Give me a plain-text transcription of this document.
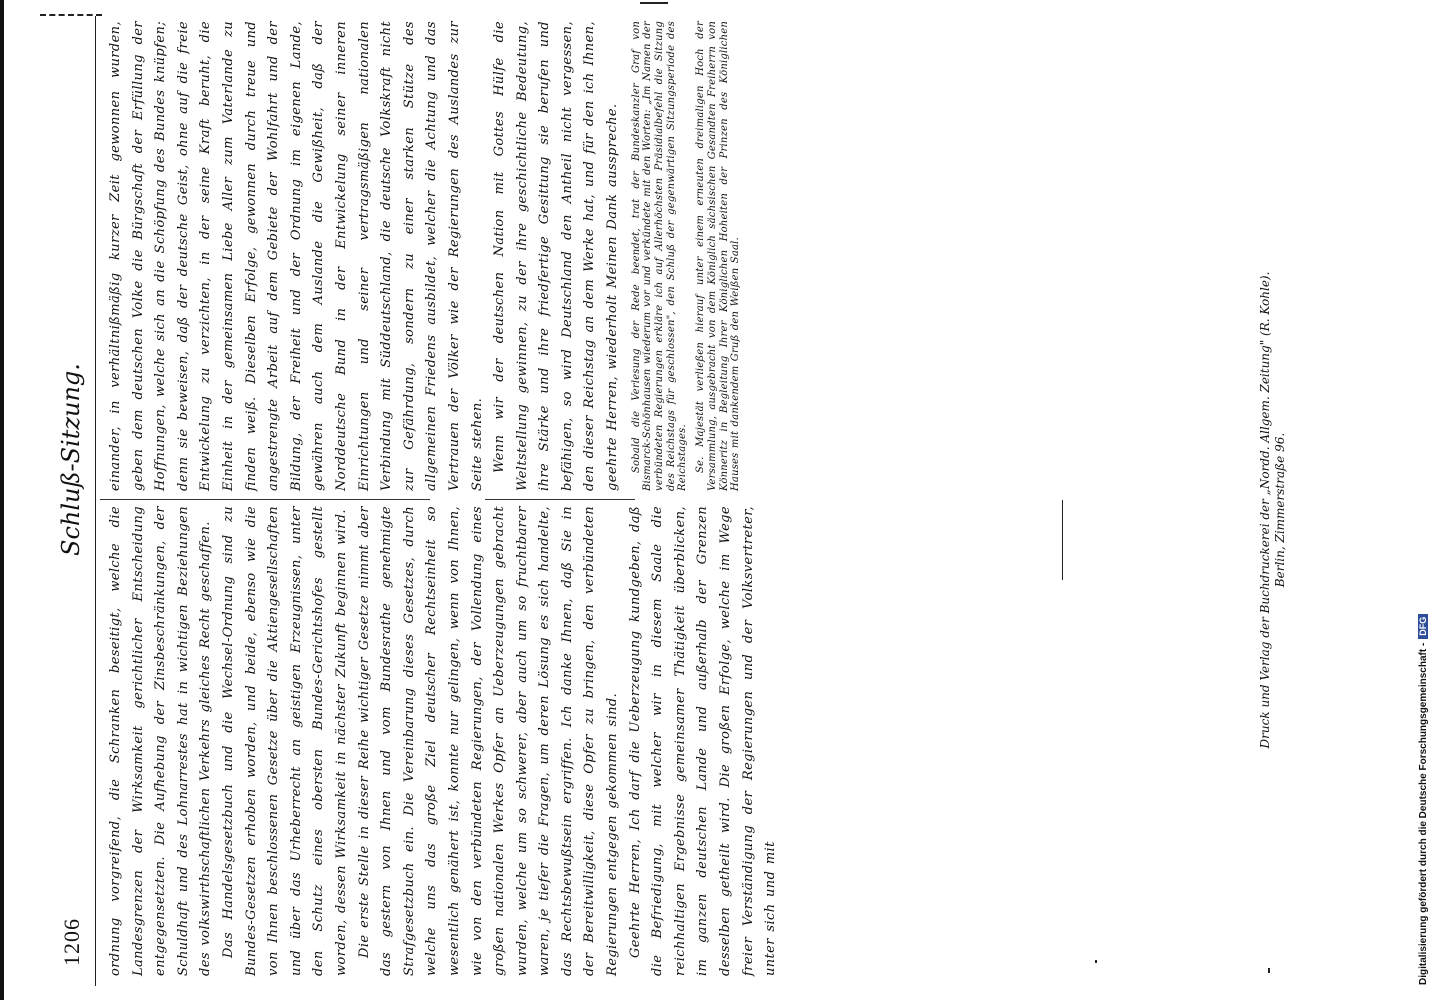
1206
Schluß-Sitzung.

ordnung vorgreifend, die Schranken beseitigt, welche die Landesgrenzen der Wirksamkeit gerichtlicher Entscheidung entgegensetzten. Die Aufhebung der Zinsbeschränkungen, der Schuldhaft und des Lohnarrestes hat in wichtigen Beziehungen des volkswirthschaftlichen Verkehrs gleiches Recht geschaffen. Das Handelsgesetzbuch und die Wechsel-Ordnung sind zu Bundes-Gesetzen erhoben worden, und beide, ebenso wie die von Ihnen beschlossenen Gesetze über die Aktiengesellschaften und über das Urheberrecht an geistigen Erzeugnissen, unter den Schutz eines obersten Bundes-Gerichtshofes gestellt worden, dessen Wirksamkeit in nächster Zukunft beginnen wird. Die erste Stelle in dieser Reihe wichtiger Gesetze nimmt aber das gestern von Ihnen und vom Bundesrathe genehmigte Strafgesetzbuch ein. Die Vereinbarung dieses Gesetzes, durch welche uns das große Ziel deutscher Rechtseinheit so wesentlich genähert ist, konnte nur gelingen, wenn von Ihnen, wie von den verbündeten Regierungen, der Vollendung eines großen nationalen Werkes Opfer an Ueberzeugungen gebracht wurden, welche um so schwerer, aber auch um so fruchtbarer waren, je tiefer die Fragen, um deren Lösung es sich handelte, das Rechtsbewußtsein ergriffen. Ich danke Ihnen, daß Sie in der Bereitwilligkeit, diese Opfer zu bringen, den verbündeten Regierungen entgegen gekommen sind. Geehrte Herren, Ich darf die Ueberzeugung kundgeben, daß die Befriedigung, mit welcher wir in diesem Saale die reichhaltigen Ergebnisse gemeinsamer Thätigkeit überblicken, im ganzen deutschen Lande und außerhalb der Grenzen desselben getheilt wird. Die großen Erfolge, welche im Wege freier Verständigung der Regierungen und der Volksvertreter, unter sich und mit

einander, in verhältnißmäßig kurzer Zeit gewonnen wurden, geben dem deutschen Volke die Bürgschaft der Erfüllung der Hoffnungen, welche sich an die Schöpfung des Bundes knüpfen; denn sie beweisen, daß der deutsche Geist, ohne auf die freie Entwickelung zu verzichten, in der seine Kraft beruht, die Einheit in der gemeinsamen Liebe Aller zum Vaterlande zu finden weiß. Dieselben Erfolge, gewonnen durch treue und angestrengte Arbeit auf dem Gebiete der Wohlfahrt und der Bildung, der Freiheit und der Ordnung im eigenen Lande, gewähren auch dem Auslande die Gewißheit, daß der Norddeutsche Bund in der Entwickelung seiner inneren Einrichtungen und seiner vertragsmäßigen nationalen Verbindung mit Süddeutschland, die deutsche Volkskraft nicht zur Gefährdung, sondern zu einer starken Stütze des allgemeinen Friedens ausbildet, welcher die Achtung und das Vertrauen der Völker wie der Regierungen des Auslandes zur Seite stehen. Wenn wir der deutschen Nation mit Gottes Hülfe die Weltstellung gewinnen, zu der ihre geschichtliche Bedeutung, ihre Stärke und ihre friedfertige Gesittung sie berufen und befähigen, so wird Deutschland den Antheil nicht vergessen, den dieser Reichstag an dem Werke hat, und für den ich Ihnen, geehrte Herren, wiederholt Meinen Dank ausspreche.	Sobald die Verlesung der Rede beendet, trat der Bundeskanzler Graf von Bismarck-Schönhausen wiederum vor und verkündete mit den Worten: „Im Namen der verbündeten Regierungen erkläre ich auf Allerhöchsten Präsidialbefehl die Sitzung des Reichstags für geschlossen", den Schluß der gegenwärtigen Sitzungsperiode des Reichstages. Se. Majestät verließen hierauf unter einem erneuten dreimaligen Hoch der Versammlung, ausgebracht von dem Königlich sächsischen Gesandten Freiherrn von Könneritz in Begleitung Ihrer Königlichen Hoheiten der Prinzen des Königlichen Hauses mit dankendem Gruß den Weißen Saal.	Druck und Verlag der Buchdruckerei der „Nordd. Allgem. Zeitung" (R. Kohle). Berlin, Zimmerstraße 96.
Digitalisierung gefördert durch die Deutsche Forschungsgemeinschaft -DFG
